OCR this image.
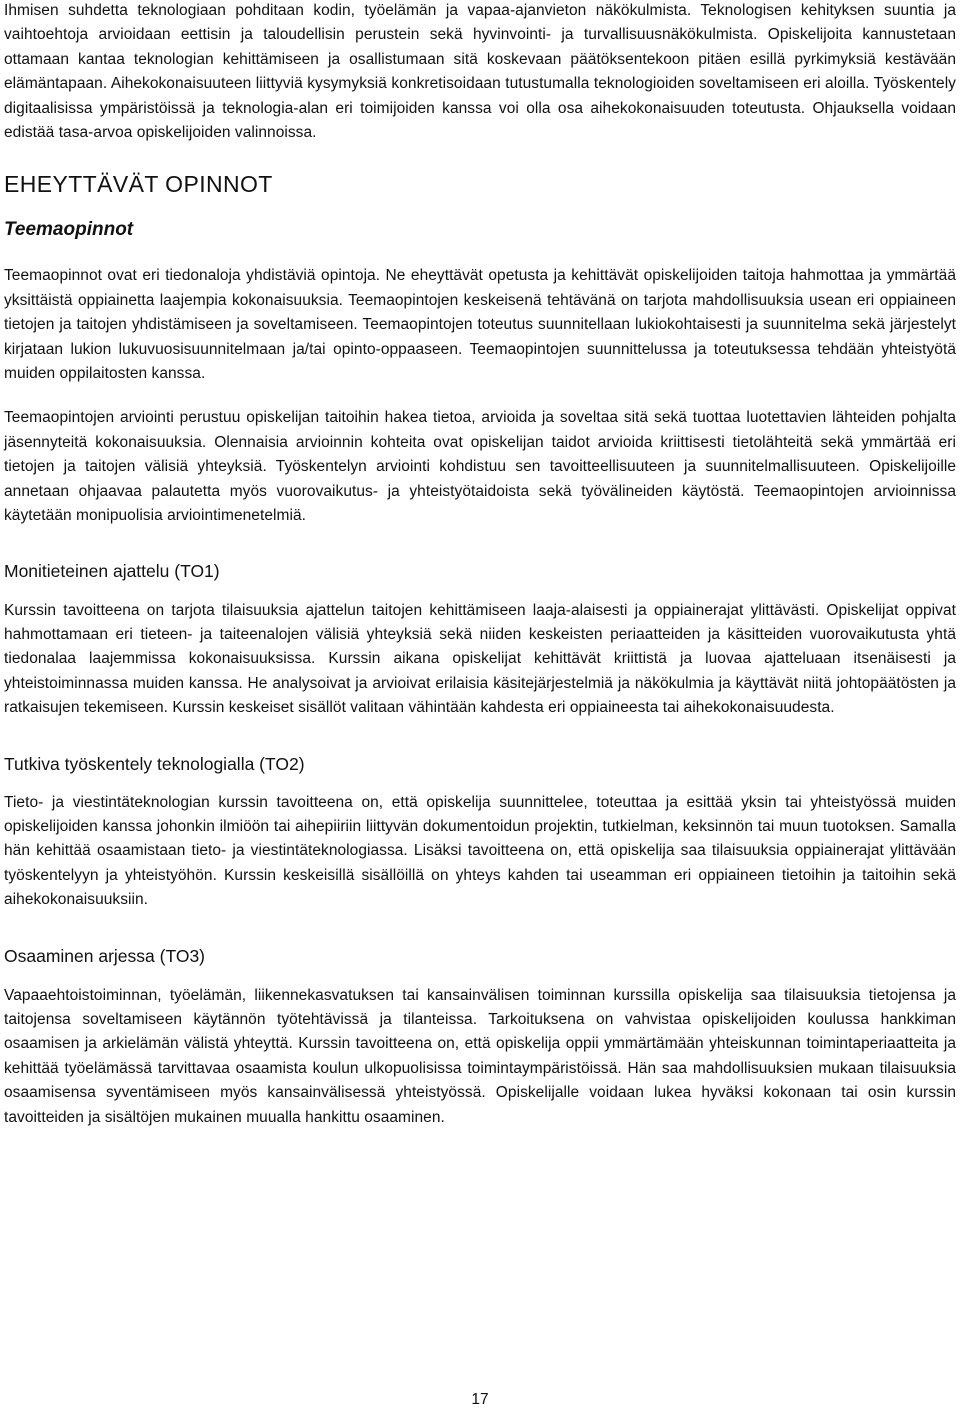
Ihmisen suhdetta teknologiaan pohditaan kodin, työelämän ja vapaa-ajanvieton näkökulmista. Teknologisen kehityksen suuntia ja vaihtoehtoja arvioidaan eettisin ja taloudellisin perustein sekä hyvinvointi- ja turvallisuusnäkökulmista. Opiskelijoita kannustetaan ottamaan kantaa teknologian kehittämiseen ja osallistumaan sitä koskevaan päätöksentekoon pitäen esillä pyrkimyksiä kestävään elämäntapaan. Aihekokonaisuuteen liittyviä kysymyksiä konkretisoidaan tutustumalla teknologioiden soveltamiseen eri aloilla. Työskentely digitaalisissa ympäristöissä ja teknologia-alan eri toimijoiden kanssa voi olla osa aihekokonaisuuden toteutusta. Ohjauksella voidaan edistää tasa-arvoa opiskelijoiden valinnoissa.

EHEYTTÄVÄT OPINNOT
Teemaopinnot

Teemaopinnot ovat eri tiedonaloja yhdistäviä opintoja. Ne eheyttävät opetusta ja kehittävät opiskelijoiden taitoja hahmottaa ja ymmärtää yksittäistä oppiainetta laajempia kokonaisuuksia. Teemaopintojen keskeisenä tehtävänä on tarjota mahdollisuuksia usean eri oppiaineen tietojen ja taitojen yhdistämiseen ja soveltamiseen. Teemaopintojen toteutus suunnitellaan lukiokohtaisesti ja suunnitelma sekä järjestelyt kirjataan lukion lukuvuosisuunnitelmaan ja/tai opinto-oppaaseen. Teemaopintojen suunnittelussa ja toteutuksessa tehdään yhteistyötä muiden oppilaitosten kanssa.

Teemaopintojen arviointi perustuu opiskelijan taitoihin hakea tietoa, arvioida ja soveltaa sitä sekä tuottaa luotettavien lähteiden pohjalta jäsennyteitä kokonaisuuksia. Olennaisia arvioinnin kohteita ovat opiskelijan taidot arvioida kriittisesti tietolähteitä sekä ymmärtää eri tietojen ja taitojen välisiä yhteyksiä. Työskentelyn arviointi kohdistuu sen tavoitteellisuuteen ja suunnitelmallisuuteen. Opiskelijoille annetaan ohjaavaa palautetta myös vuorovaikutus- ja yhteistyötaidoista sekä työvälineiden käytöstä. Teemaopintojen arvioinnissa käytetään monipuolisia arviointimenetelmiä.

Monitieteinen ajattelu (TO1)

Kurssin tavoitteena on tarjota tilaisuuksia ajattelun taitojen kehittämiseen laaja-alaisesti ja oppiainerajat ylittävästi. Opiskelijat oppivat hahmottamaan eri tieteen- ja taiteenalojen välisiä yhteyksiä sekä niiden keskeisten periaatteiden ja käsitteiden vuorovaikutusta yhtä tiedonalaa laajemmissa kokonaisuuksissa. Kurssin aikana opiskelijat kehittävät kriittistä ja luovaa ajatteluaan itsenäisesti ja yhteistoiminnassa muiden kanssa. He analysoivat ja arvioivat erilaisia käsitejärjestelmiä ja näkökulmia ja käyttävät niitä johtopäätösten ja ratkaisujen tekemiseen. Kurssin keskeiset sisällöt valitaan vähintään kahdesta eri oppiaineesta tai aihekokonaisuudesta.

Tutkiva työskentely teknologialla (TO2)

Tieto- ja viestintäteknologian kurssin tavoitteena on, että opiskelija suunnittelee, toteuttaa ja esittää yksin tai yhteistyössä muiden opiskelijoiden kanssa johonkin ilmiöön tai aihepiiriin liittyvän dokumentoidun projektin, tutkielman, keksinnön tai muun tuotoksen. Samalla hän kehittää osaamistaan tieto- ja viestintäteknologiassa. Lisäksi tavoitteena on, että opiskelija saa tilaisuuksia oppiainerajat ylittävään työskentelyyn ja yhteistyöhön. Kurssin keskeisillä sisällöillä on yhteys kahden tai useamman eri oppiaineen tietoihin ja taitoihin sekä aihekokonaisuuksiin.

Osaaminen arjessa (TO3)

Vapaaehtoistoiminnan, työelämän, liikennekasvatuksen tai kansainvälisen toiminnan kurssilla opiskelija saa tilaisuuksia tietojensa ja taitojensa soveltamiseen käytännön työtehtävissä ja tilanteissa. Tarkoituksena on vahvistaa opiskelijoiden koulussa hankkiman osaamisen ja arkielämän välistä yhteyttä. Kurssin tavoitteena on, että opiskelija oppii ymmärtämään yhteiskunnan toimintaperiaatteita ja kehittää työelämässä tarvittavaa osaamista koulun ulkopuolisissa toimintaympäristöissä. Hän saa mahdollisuuksien mukaan tilaisuuksia osaamisensa syventämiseen myös kansainvälisessä yhteistyössä. Opiskelijalle voidaan lukea hyväksi kokonaan tai osin kurssin tavoitteiden ja sisältöjen mukainen muualla hankittu osaaminen.

17
